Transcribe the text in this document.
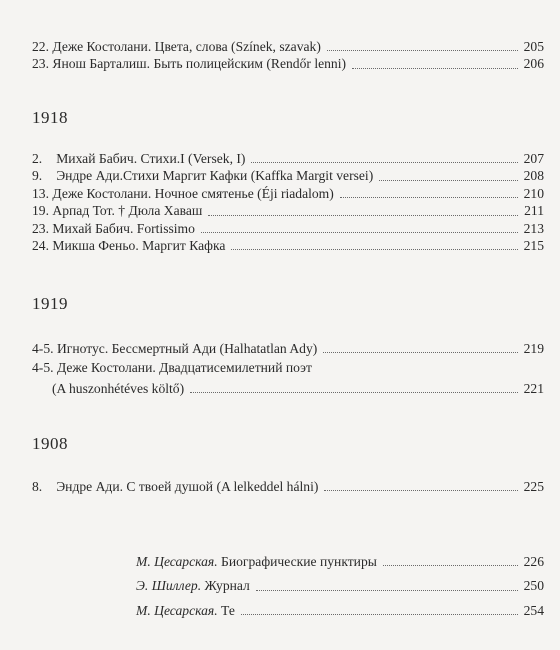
22. Деже Костолани. Цвета, слова (Színek, szavak)	205
23. Янош Барталиш. Быть полицейским (Rendőr lenni)	206
1918
2. Михай Бабич. Стихи.I (Versek, I)	207
9. Эндре Ади.Стихи Маргит Кафки (Kaffka Margit versei)	208
13. Деже Костолани. Ночное смятенье (Éji riadalom)	210
19. Арпад Тот. † Дюла Хаваш	211
23. Михай Бабич. Fortissimo	213
24. Микша Феньо. Маргит Кафка	215
1919
4-5. Игнотус. Бессмертный Ади (Halhatatlan Ady)	219
4-5. Деже Костолани. Двадцатисемилетний поэт
(A huszonhétéves költő)	221
1908
8. Эндре Ади. С твоей душой (A lelkeddel hálni)	225
М. Цесарская. Биографические пунктиры	226
Э. Шиллер. Журнал	250
М. Цесарская. Те	254
